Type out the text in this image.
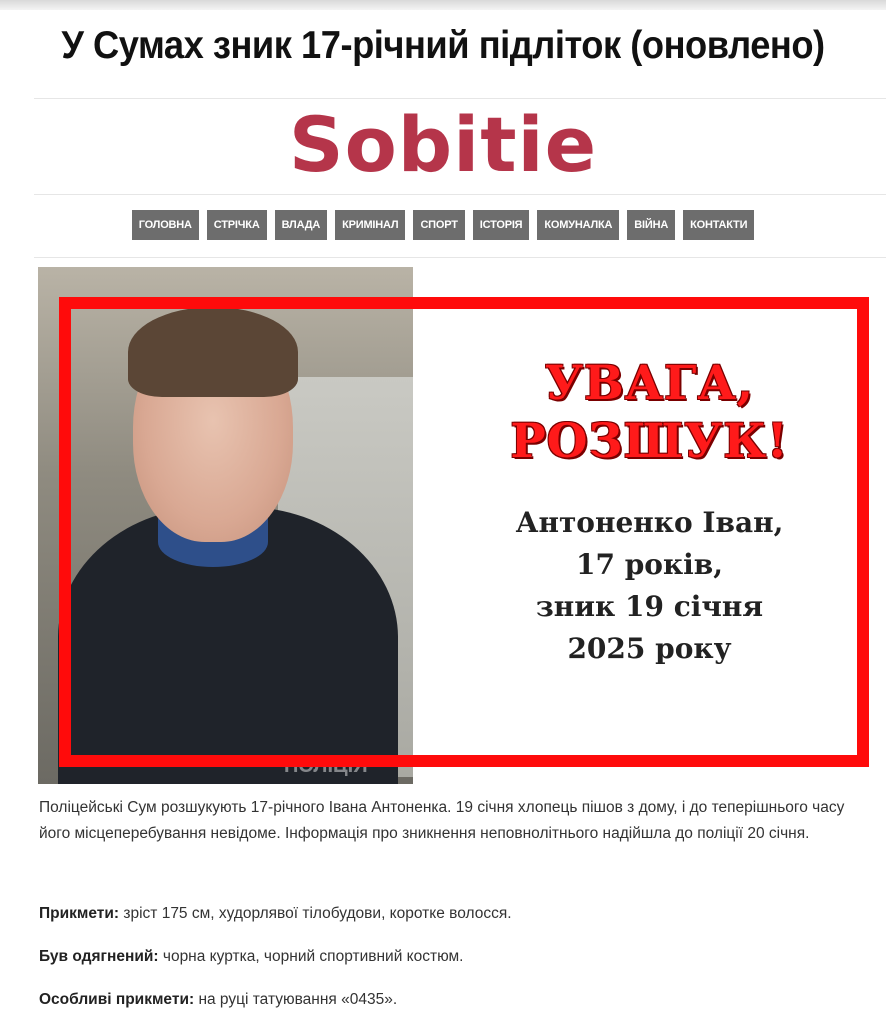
У Сумах зник 17-річний підліток (оновлено)
Sobitie
ГОЛОВНА	СТРІЧКА	ВЛАДА	КРИМІНАЛ	СПОРТ	ІСТОРІЯ	КОМУНАЛКА	ВІЙНА	КОНТАКТИ
ПОЛІЦІЯ
УВАГА,
РОЗШУК!
Антоненко Іван,
17 років,
зник 19 січня
2025 року

Поліцейські Сум розшукують 17-річного Івана Антоненка. 19 січня хлопець пішов з дому, і до теперішнього часу його місцеперебування невідоме. Інформація про зникнення неповнолітнього надійшла до поліції 20 січня.

Прикмети: зріст 175 см, худорлявої тілобудови, коротке волосся.

Був одягнений: чорна куртка, чорний спортивний костюм.

Особливі прикмети: на руці татуювання «0435».
